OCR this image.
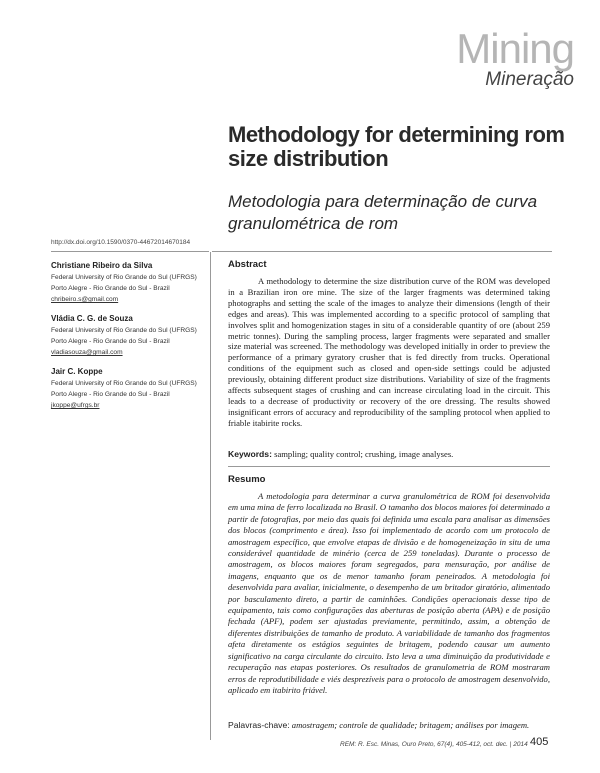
Mining
Mineração
Methodology for determining rom size distribution
Metodologia para determinação de curva granulométrica de rom
http://dx.doi.org/10.1590/0370-44672014670184
Christiane Ribeiro da Silva
Federal University of Rio Grande do Sul (UFRGS)
Porto Alegre - Rio Grande do Sul - Brazil
chribeiro.s@gmail.com
Vládia C. G. de Souza
Federal University of Rio Grande do Sul (UFRGS)
Porto Alegre - Rio Grande do Sul - Brazil
vladiasouza@gmail.com
Jair C. Koppe
Federal University of Rio Grande do Sul (UFRGS)
Porto Alegre - Rio Grande do Sul - Brazil
jkoppe@ufrgs.br
Abstract
A methodology to determine the size distribution curve of the ROM was developed in a Brazilian iron ore mine. The size of the larger fragments was determined taking photographs and setting the scale of the images to analyze their dimensions (length of their edges and areas). This was implemented according to a specific protocol of sampling that involves split and homogenization stages in situ of a considerable quantity of ore (about 259 metric tonnes). During the sampling process, larger fragments were separated and smaller size material was screened. The methodology was developed initially in order to preview the performance of a primary gyratory crusher that is fed directly from trucks. Operational conditions of the equipment such as closed and open-side settings could be adjusted previously, obtaining different product size distributions. Variability of size of the fragments affects subsequent stages of crushing and can increase circulating load in the circuit. This leads to a decrease of productivity or recovery of the ore dressing. The results showed insignificant errors of accuracy and reproducibility of the sampling protocol when applied to friable itabirite rocks.
Keywords: sampling; quality control; crushing, image analyses.
Resumo
A metodologia para determinar a curva granulométrica de ROM foi desenvolvida em uma mina de ferro localizada no Brasil. O tamanho dos blocos maiores foi determinado a partir de fotografias, por meio das quais foi definida uma escala para analisar as dimensões dos blocos (comprimento e área). Isso foi implementado de acordo com um protocolo de amostragem específico, que envolve etapas de divisão e de homogeneização in situ de uma considerável quantidade de minério (cerca de 259 toneladas). Durante o processo de amostragem, os blocos maiores foram segregados, para mensuração, por análise de imagens, enquanto que os de menor tamanho foram peneirados. A metodologia foi desenvolvida para avaliar, inicialmente, o desempenho de um britador giratório, alimentado por basculamento direto, a partir de caminhões. Condições operacionais desse tipo de equipamento, tais como configurações das aberturas de posição aberta (APA) e de posição fechada (APF), podem ser ajustadas previamente, permitindo, assim, a obtenção de diferentes distribuições de tamanho de produto. A variabilidade de tamanho dos fragmentos afeta diretamente os estágios seguintes de britagem, podendo causar um aumento significativo na carga circulante do circuito. Isto leva a uma diminuição da produtividade e recuperação nas etapas posteriores. Os resultados de granulometria de ROM mostraram erros de reprodutibilidade e viés desprezíveis para o protocolo de amostragem desenvolvido, aplicado em itabirito friável.
Palavras-chave: amostragem; controle de qualidade; britagem; análises por imagem.
REM: R. Esc. Minas, Ouro Preto, 67(4), 405-412, oct. dec. | 2014 405
